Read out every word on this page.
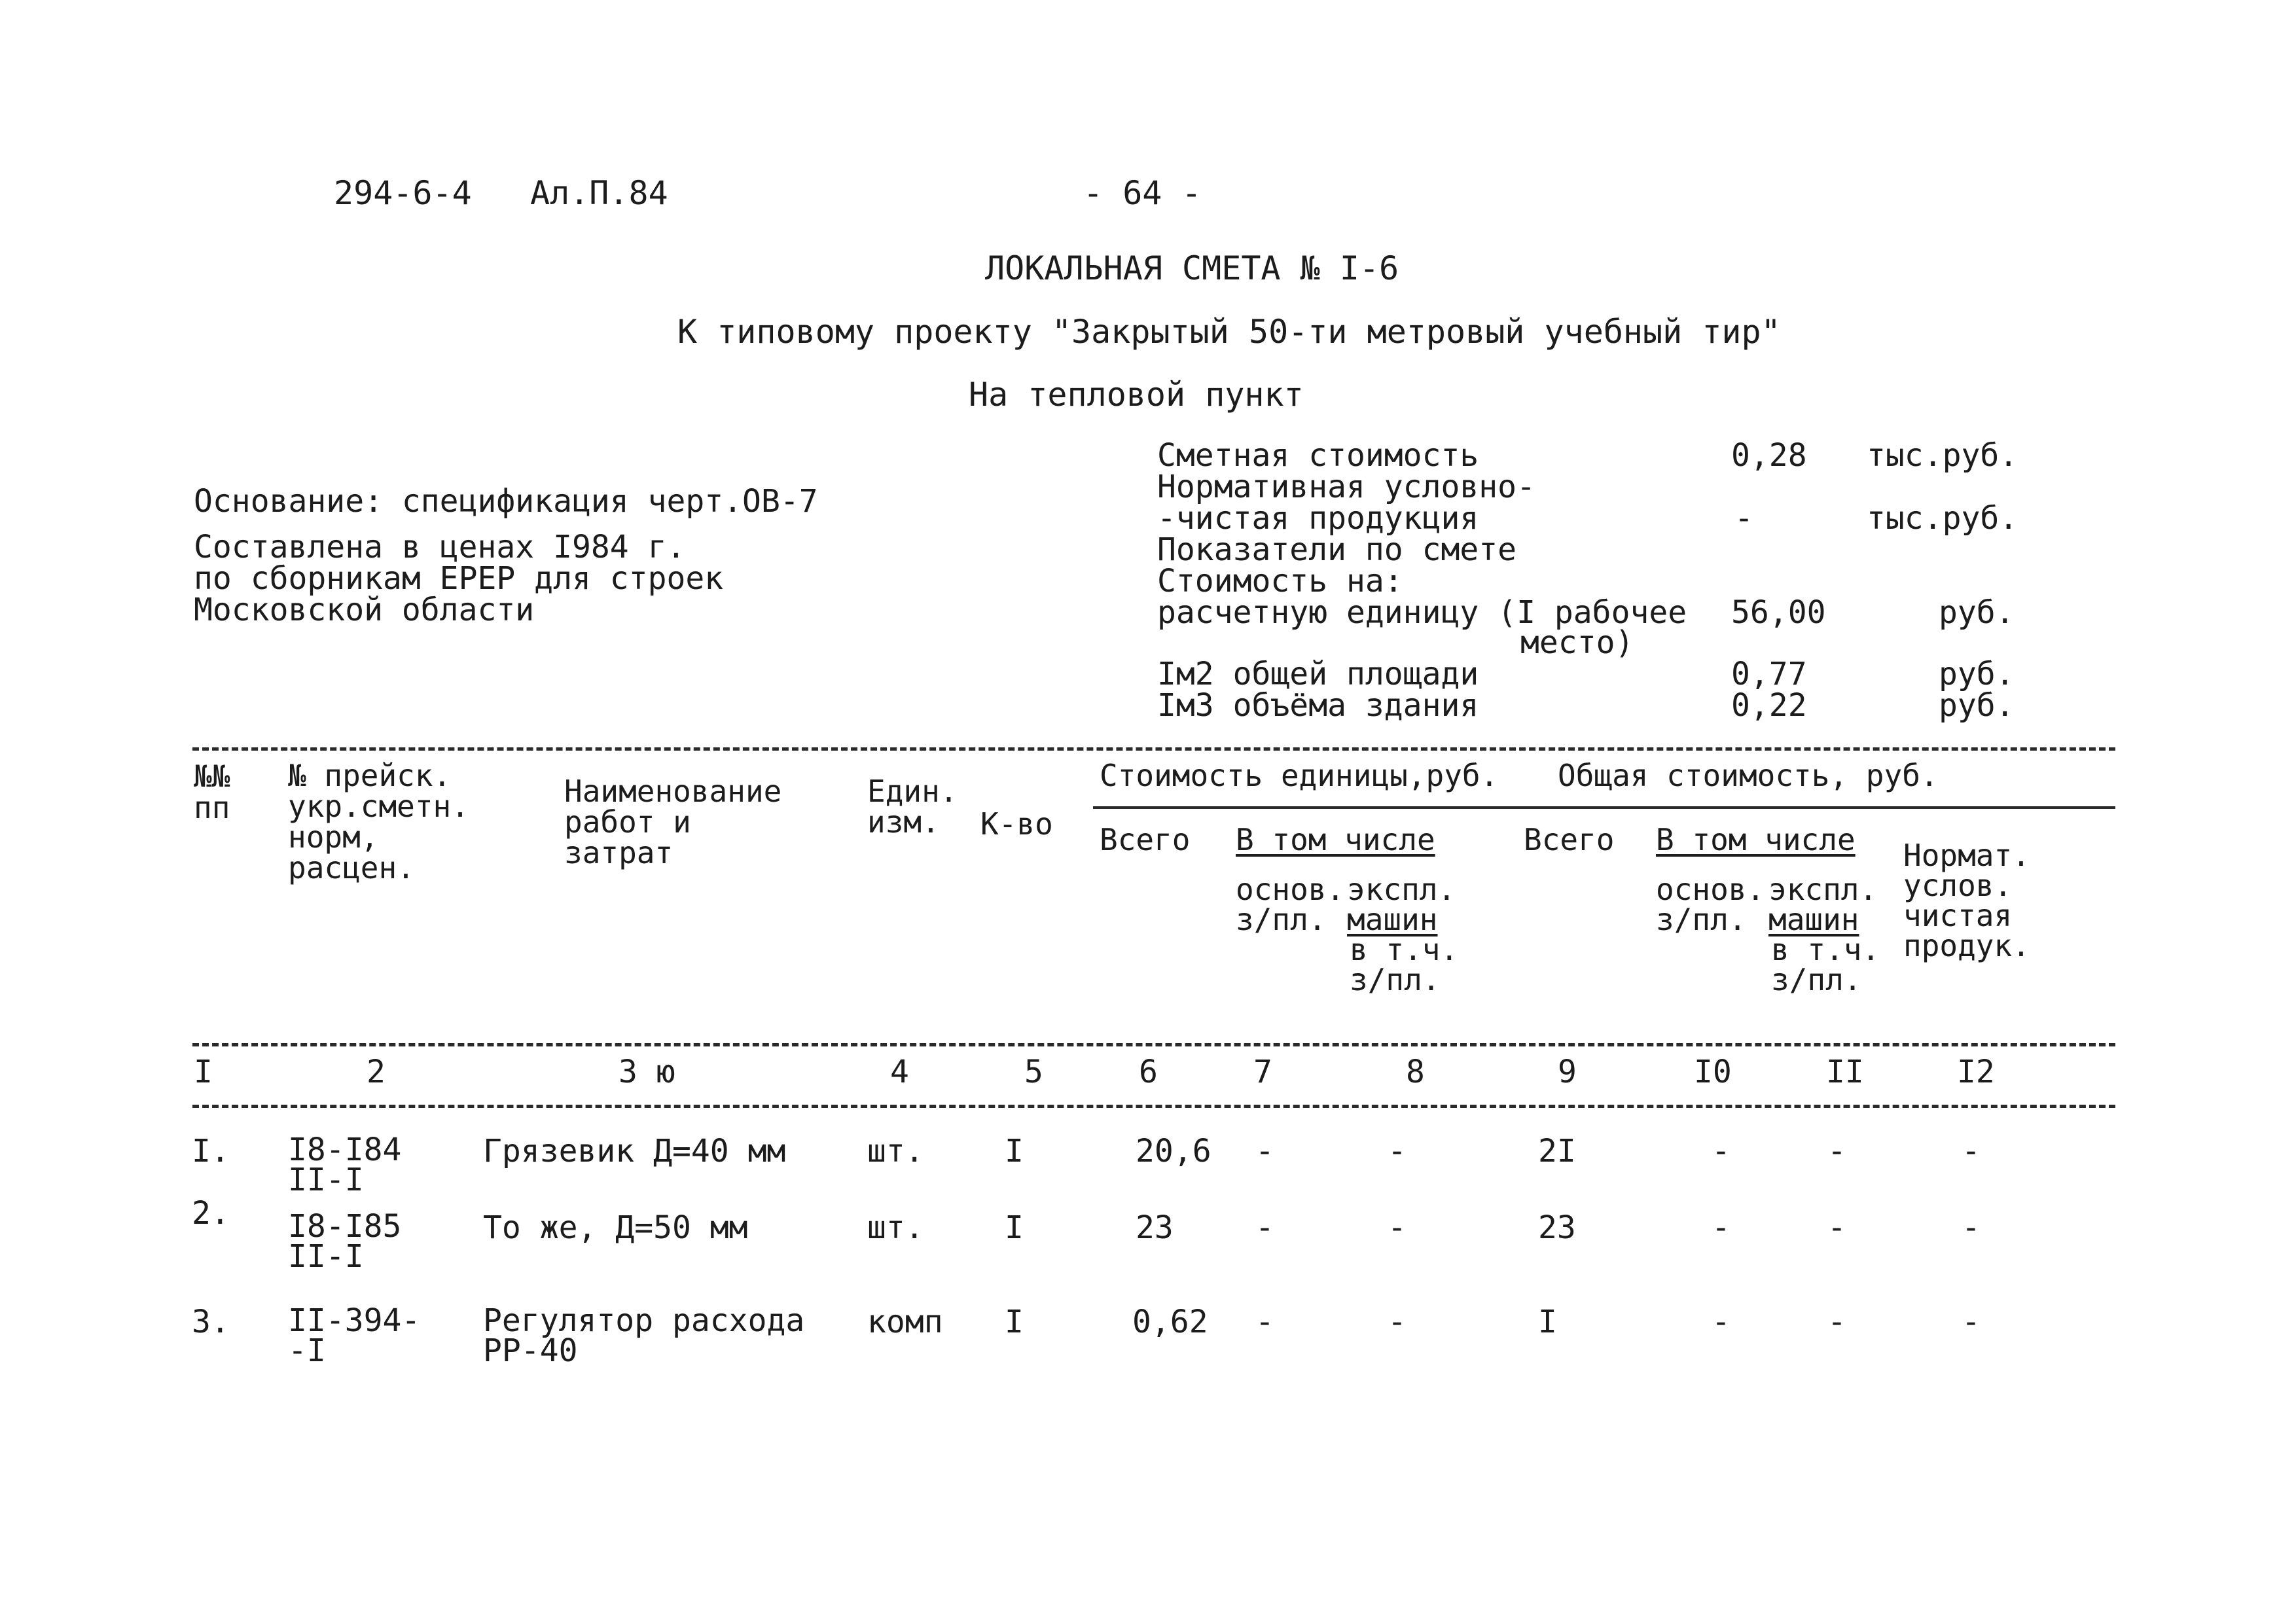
294-6-4 Ал.П.84	- 64 -
ЛОКАЛЬНАЯ СМЕТА № I-6
К типовому проекту "Закрытый 50-ти метровый учебный тир"
На тепловой пункт
Основание: спецификация черт.ОВ-7
Составлена в ценах I984 г.
по сборникам ЕРЕР для строек
Московской области
Сметная стоимость	0,28 тыс.руб.
Нормативная условно-
-чистая продукция	-	тыс.руб.
Показатели по смете
Стоимость на:
расчетную единицу (I рабочее
место)
56,00	руб.
Iм2 общей площади	0,77	руб.
Iм3 объёма здания	0,22	руб.
№№
пп
№ прейск.
укр.сметн.
норм,
расцен.
Наименование
работ и
затрат
Един.
изм.	К-во
Стоимость единицы,руб. Общая стоимость, руб.
Всего В том числе
основ.
з/пл.
экспл.
машин
в т.ч.
з/пл.
Всего В том числе
основ.
з/пл.
экспл.
машин
в т.ч.
з/пл.
Нормат.
услов.
чистая
продук.
I	2	3 ю	4	5	6	7	8	9	I0	II	I2
I. I8-I84
II-I
Грязевик Д=40 мм	шт.	I	20,6 -	-	2I	-	-	-
2. I8-I85
II-I
То же, Д=50 мм	шт.	I	23	-	-	23	-	-	-
3. II-394-
-I
Регулятор расхода
РР-40
комп I	0,62 -	-	I	-	-	-
